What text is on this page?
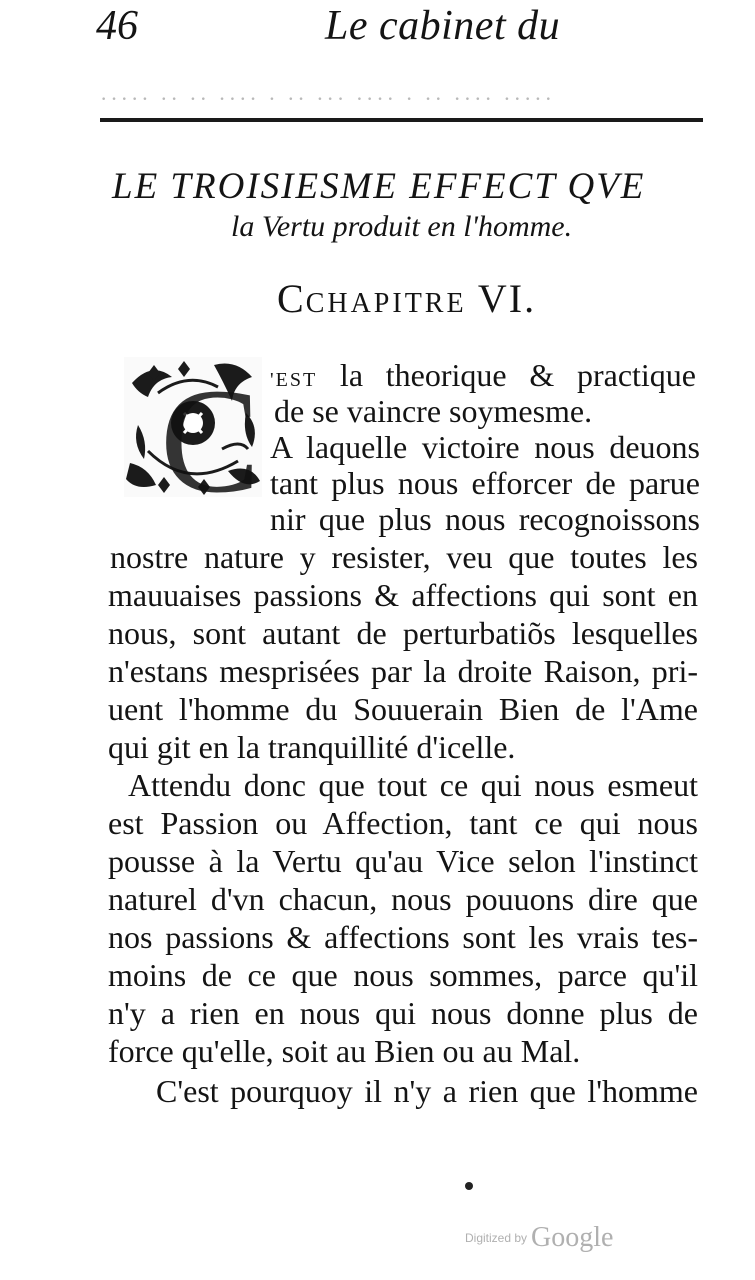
46	Le cabinet du
····· ·· ·· ···· · ·· ··· ···· · ·· ···· ·····
LE TROISIESME EFFECT QVE
la Vertu produit en l'homme.
CCHAPITRE VI.
C 'EST la theorique & practique
de se vaincre soymesme.
A laquelle victoire nous deuons
tant plus nous efforcer de parue
nir que plus nous recognoissons
nostre nature y resister, veu que toutes les
mauuaises passions & affections qui sont en
nous, sont autant de perturbatiõs lesquelles
n'estans mesprisées par la droite Raison, pri-
uent l'homme du Souuerain Bien de l'Ame
qui git en la tranquillité d'icelle.
Attendu donc que tout ce qui nous esmeut
est Passion ou Affection, tant ce qui nous
pousse à la Vertu qu'au Vice selon l'instinct
naturel d'vn chacun, nous pouuons dire que
nos passions & affections sont les vrais tes-
moins de ce que nous sommes, parce qu'il
n'y a rien en nous qui nous donne plus de
force qu'elle, soit au Bien ou au Mal.
C'est pourquoy il n'y a rien que l'homme
Digitized by Google
